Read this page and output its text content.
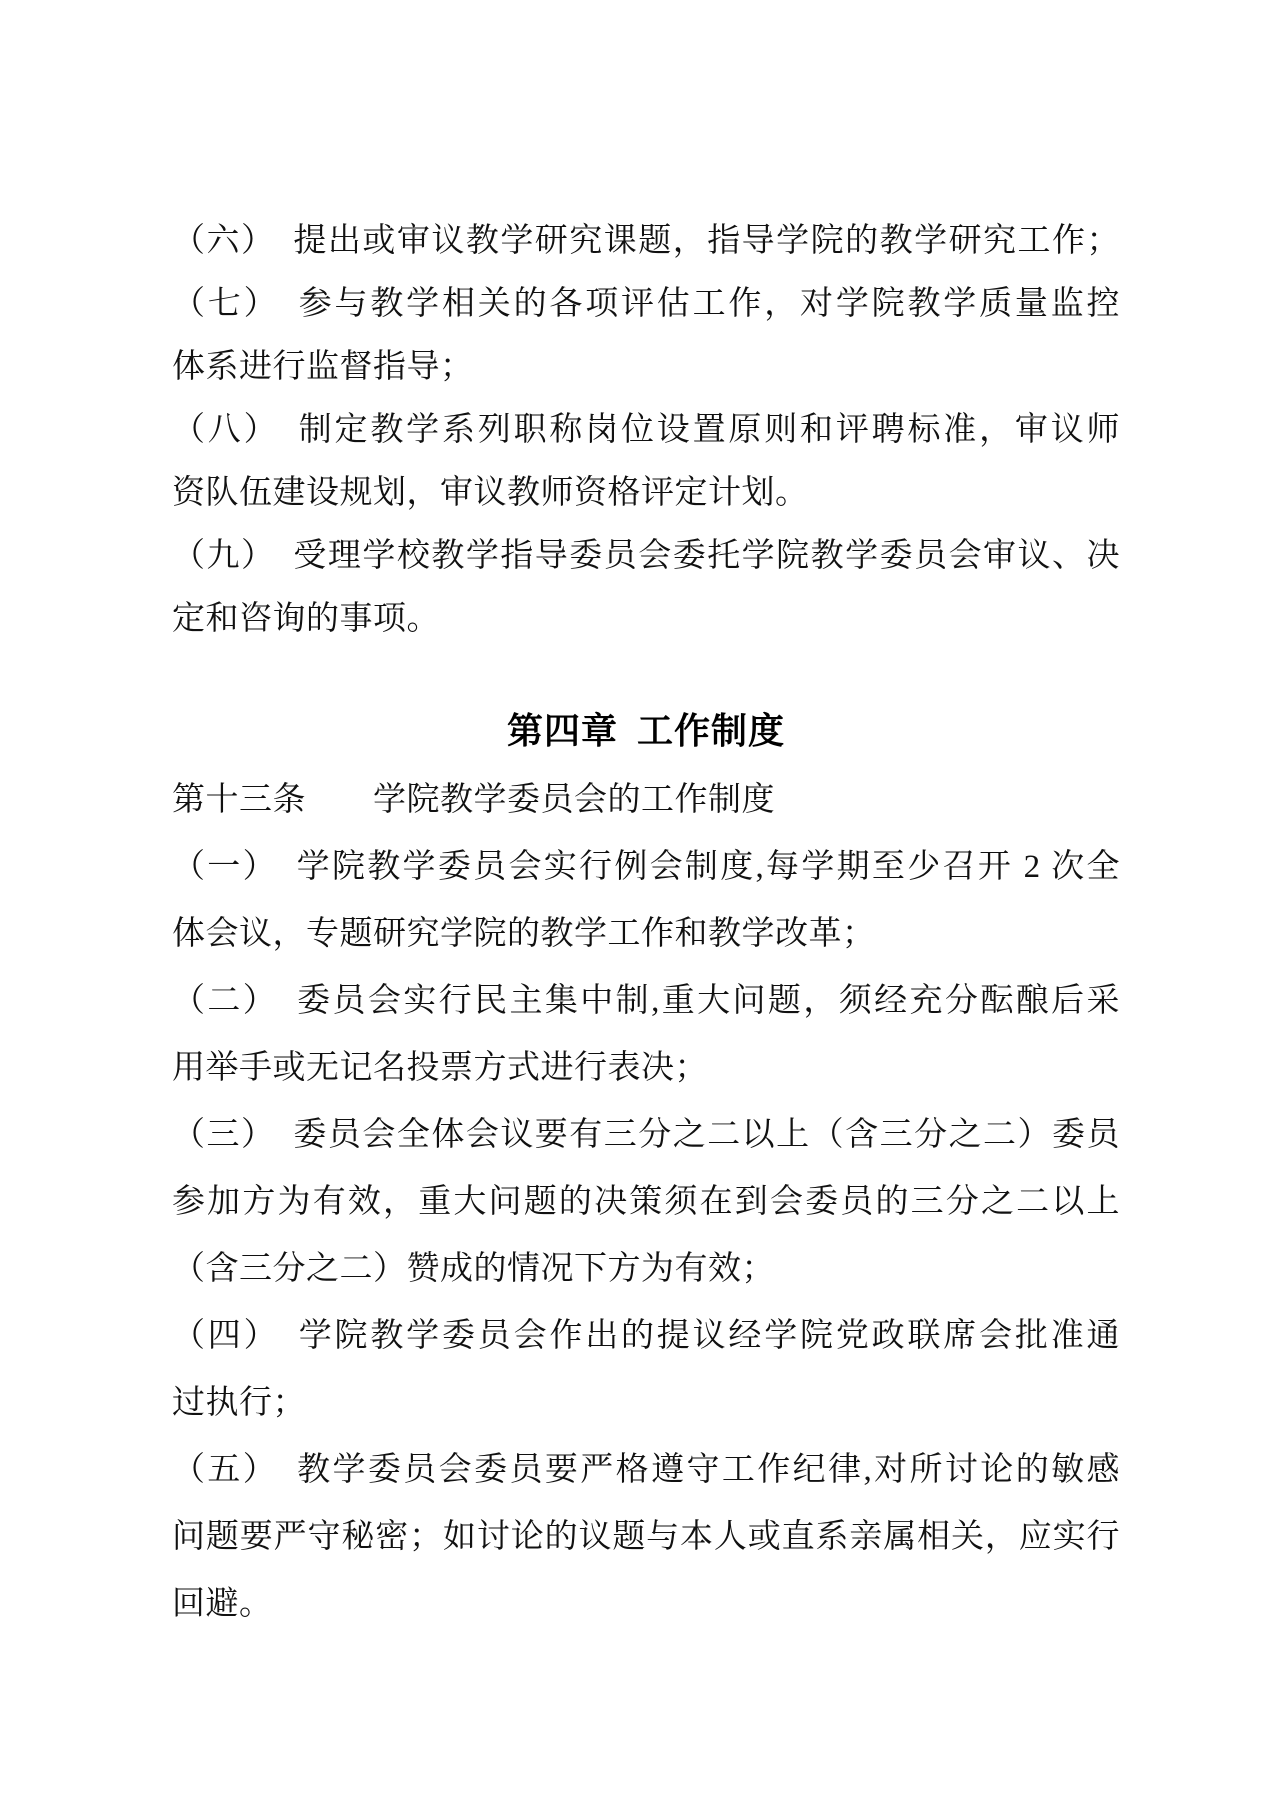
（六）　提出或审议教学研究课题，指导学院的教学研究工作；
（七）　参与教学相关的各项评估工作，对学院教学质量监控
体系进行监督指导；
（八）　制定教学系列职称岗位设置原则和评聘标准，审议师
资队伍建设规划，审议教师资格评定计划。
（九）　受理学校教学指导委员会委托学院教学委员会审议、决
定和咨询的事项。
第四章 工作制度
第十三条　　学院教学委员会的工作制度
（一）　学院教学委员会实行例会制度,每学期至少召开 2 次全
体会议，专题研究学院的教学工作和教学改革；
（二）　委员会实行民主集中制,重大问题，须经充分酝酿后采
用举手或无记名投票方式进行表决；
（三）　委员会全体会议要有三分之二以上（含三分之二）委员
参加方为有效，重大问题的决策须在到会委员的三分之二以上
（含三分之二）赞成的情况下方为有效；
（四）　学院教学委员会作出的提议经学院党政联席会批准通
过执行；
（五）　教学委员会委员要严格遵守工作纪律,对所讨论的敏感
问题要严守秘密；如讨论的议题与本人或直系亲属相关，应实行
回避。
